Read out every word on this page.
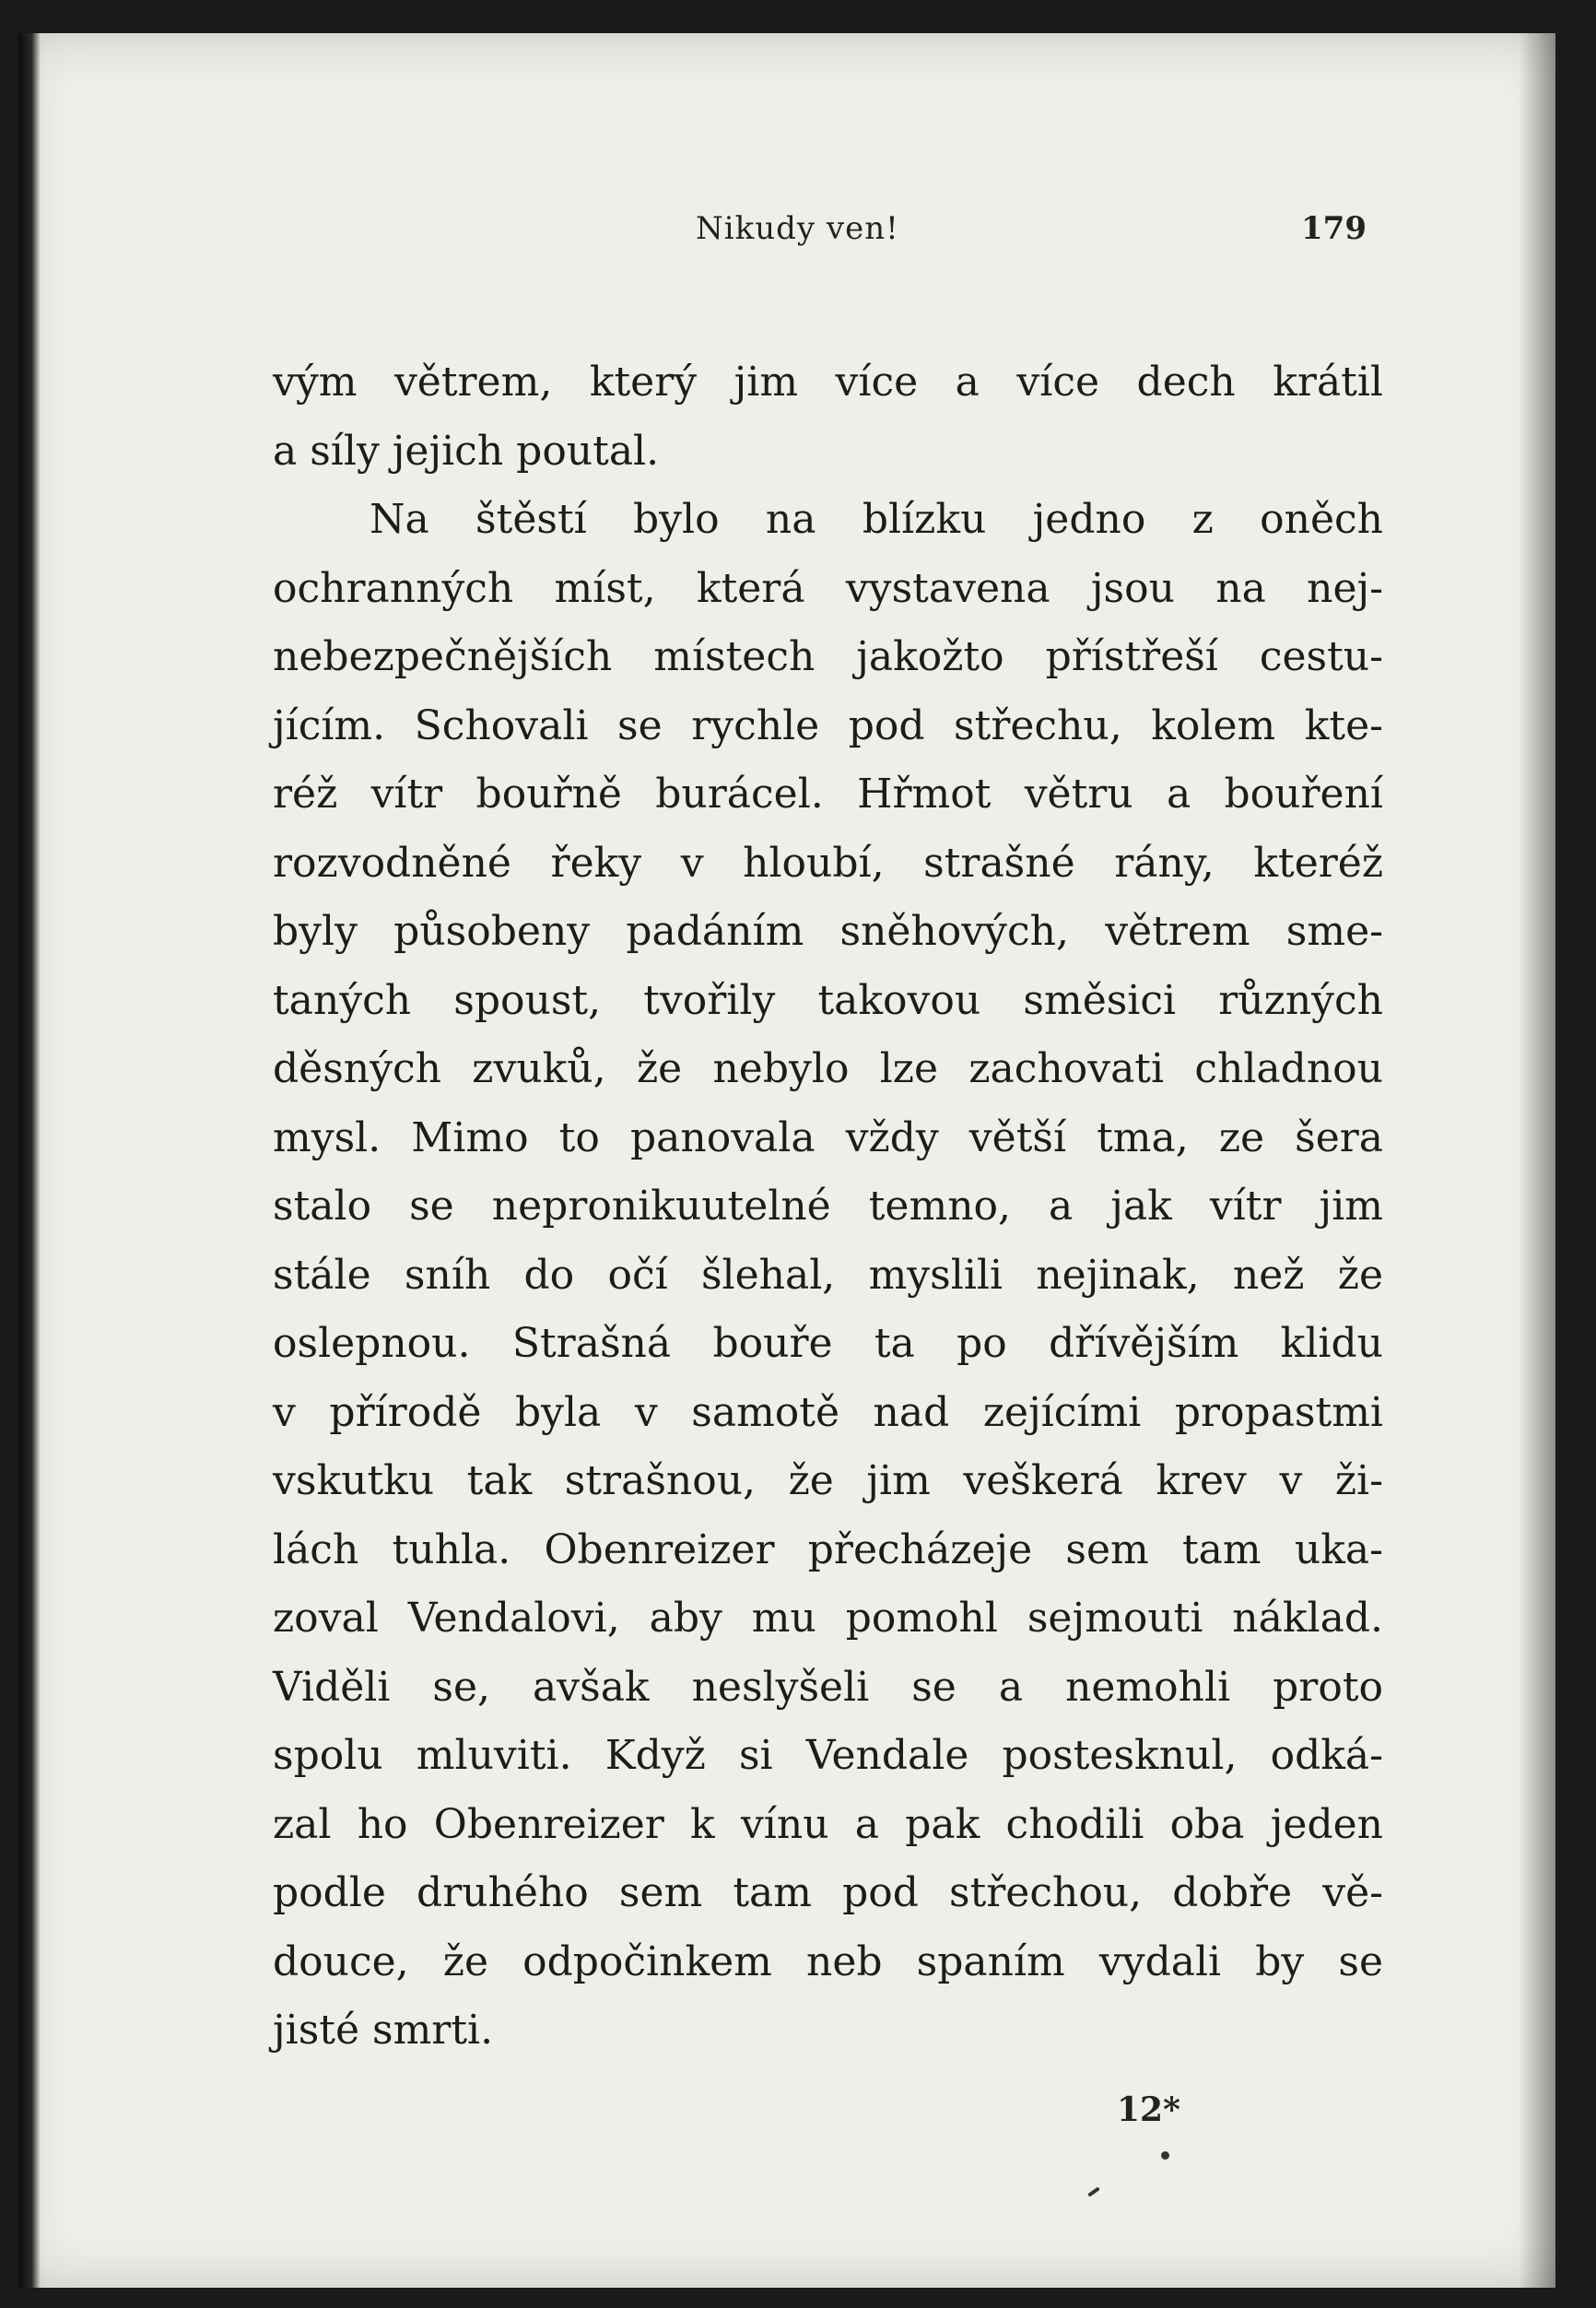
Nikudy ven!	179
vým větrem, který jim více a více dech krátil
a síly jejich poutal.
Na štěstí bylo na blízku jedno z oněch
ochranných míst, která vystavena jsou na nej-
nebezpečnějších místech jakožto přístřeší cestu-
jícím. Schovali se rychle pod střechu, kolem kte-
réž vítr bouřně burácel. Hřmot větru a bouření
rozvodněné řeky v hloubí, strašné rány, kteréž
byly působeny padáním sněhových, větrem sme-
taných spoust, tvořily takovou směsici různých
děsných zvuků, že nebylo lze zachovati chladnou
mysl. Mimo to panovala vždy větší tma, ze šera
stalo se nepronikuutelné temno, a jak vítr jim
stále sníh do očí šlehal, myslili nejinak, než že
oslepnou. Strašná bouře ta po dřívějším klidu
v přírodě byla v samotě nad zejícími propastmi
vskutku tak strašnou, že jim veškerá krev v ži-
lách tuhla. Obenreizer přecházeje sem tam uka-
zoval Vendalovi, aby mu pomohl sejmouti náklad.
Viděli se, avšak neslyšeli se a nemohli proto
spolu mluviti. Když si Vendale postesknul, odká-
zal ho Obenreizer k vínu a pak chodili oba jeden
podle druhého sem tam pod střechou, dobře vě-
douce, že odpočinkem neb spaním vydali by se
jisté smrti.
12*
